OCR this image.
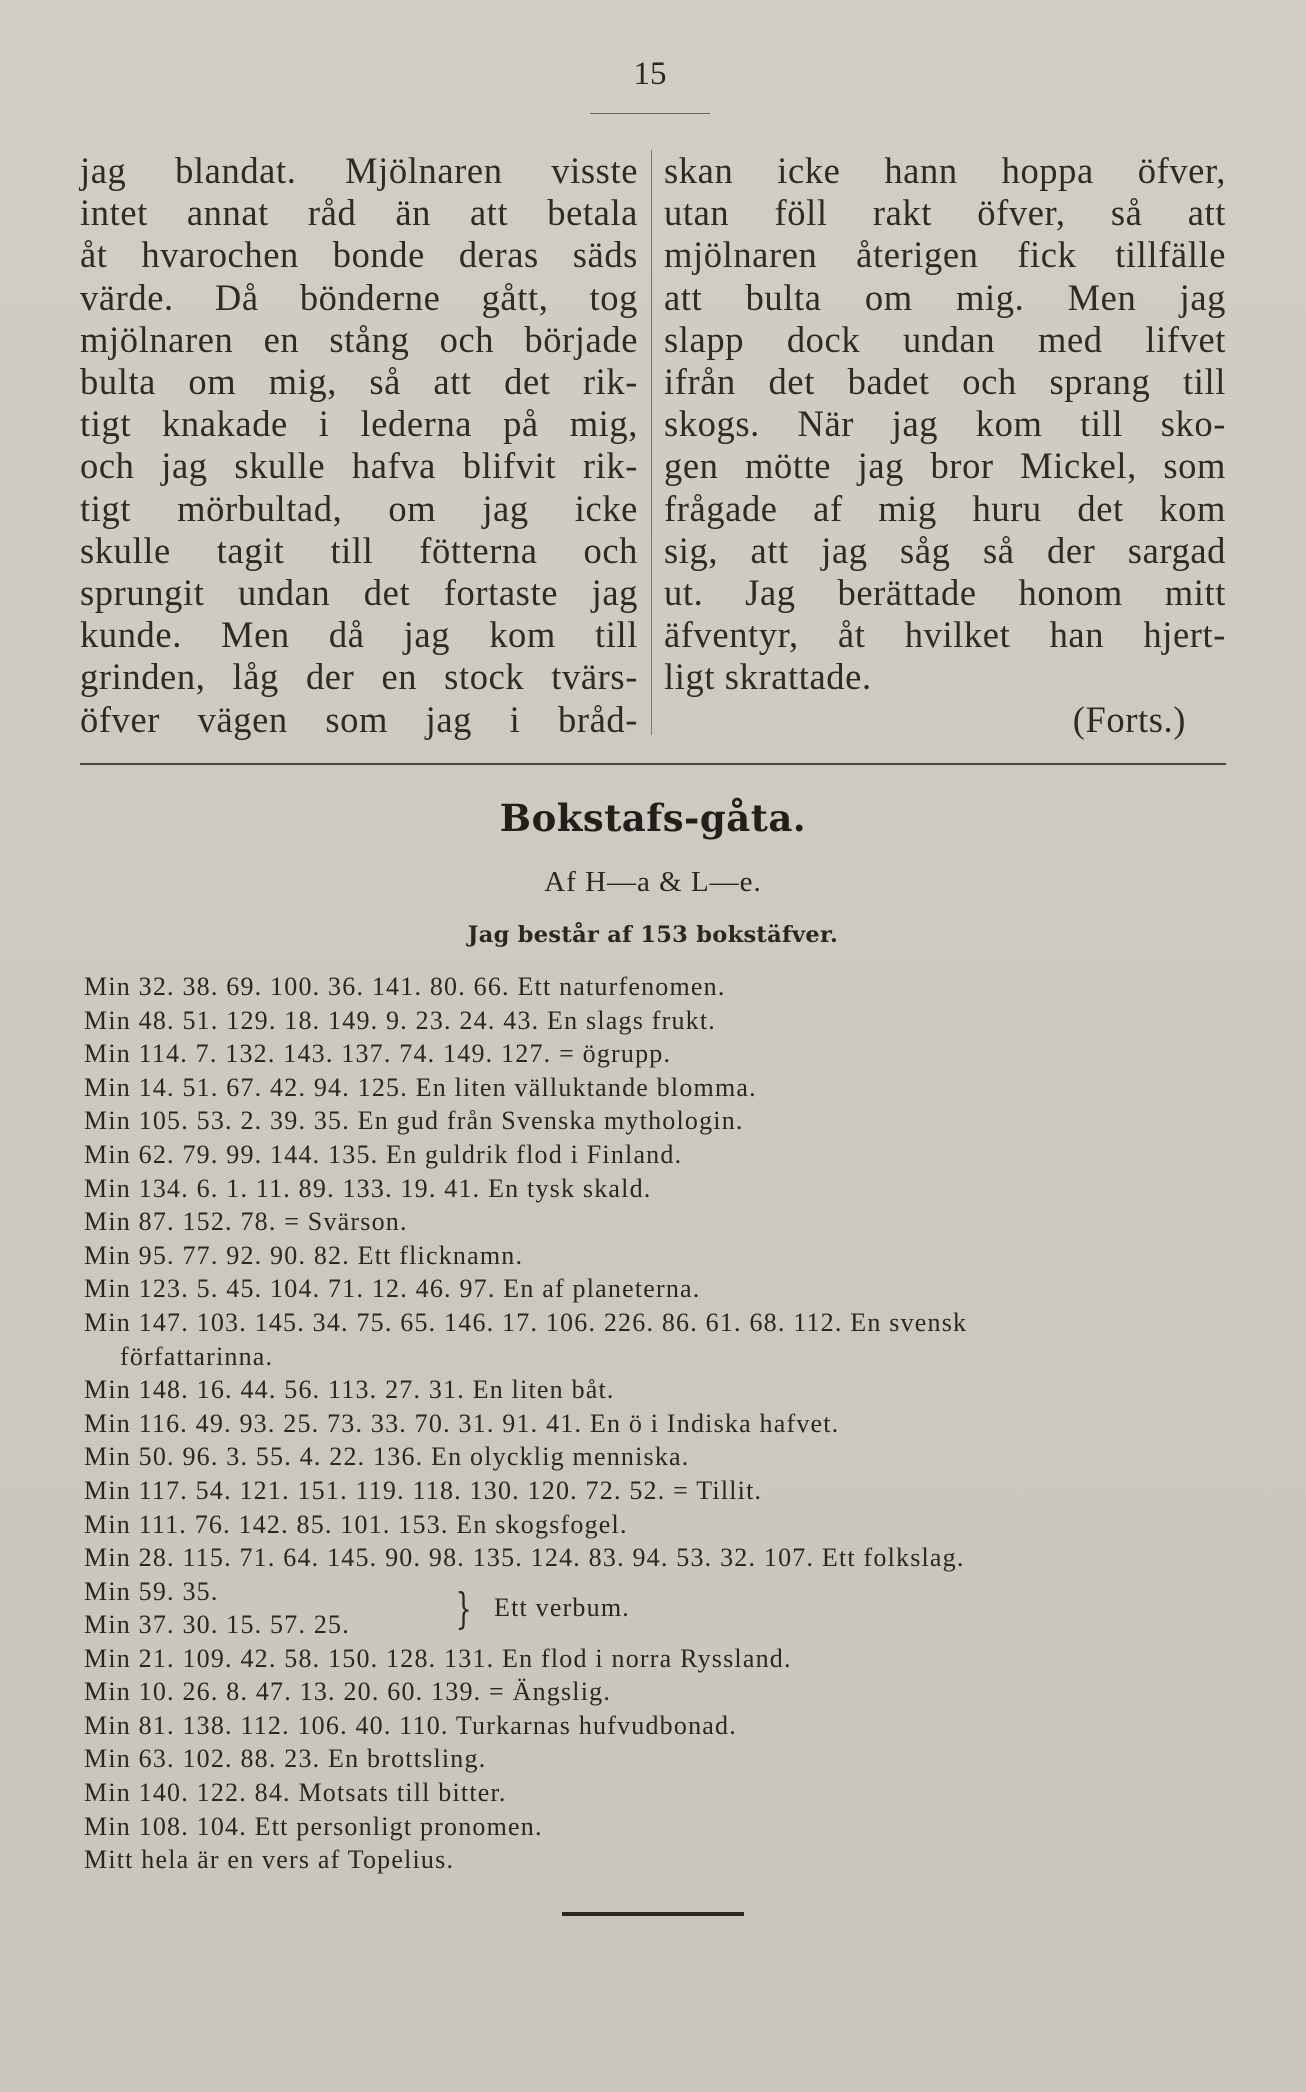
15
jag blandat. Mjölnaren visste
intet annat råd än att betala
åt hvarochen bonde deras säds
värde. Då bönderne gått, tog
mjölnaren en stång och började
bulta om mig, så att det rik-
tigt knakade i lederna på mig,
och jag skulle hafva blifvit rik-
tigt mörbultad, om jag icke
skulle tagit till fötterna och
sprungit undan det fortaste jag
kunde. Men då jag kom till
grinden, låg der en stock tvärs-
öfver vägen som jag i bråd-
skan icke hann hoppa öfver,
utan föll rakt öfver, så att
mjölnaren återigen fick tillfälle
att bulta om mig. Men jag
slapp dock undan med lifvet
ifrån det badet och sprang till
skogs. När jag kom till sko-
gen mötte jag bror Mickel, som
frågade af mig huru det kom
sig, att jag såg så der sargad
ut. Jag berättade honom mitt
äfventyr, åt hvilket han hjert-
ligt skrattade.
(Forts.)
Bokstafs-gåta.
Af H—a & L—e.
Jag består af 153 bokstäfver.
Min 32. 38. 69. 100. 36. 141. 80. 66. Ett naturfenomen.
Min 48. 51. 129. 18. 149. 9. 23. 24. 43. En slags frukt.
Min 114. 7. 132. 143. 137. 74. 149. 127. = ögrupp.
Min 14. 51. 67. 42. 94. 125. En liten välluktande blomma.
Min 105. 53. 2. 39. 35. En gud från Svenska mythologin.
Min 62. 79. 99. 144. 135. En guldrik flod i Finland.
Min 134. 6. 1. 11. 89. 133. 19. 41. En tysk skald.
Min 87. 152. 78. = Svärson.
Min 95. 77. 92. 90. 82. Ett flicknamn.
Min 123. 5. 45. 104. 71. 12. 46. 97. En af planeterna.
Min 147. 103. 145. 34. 75. 65. 146. 17. 106. 226. 86. 61. 68. 112. En svensk
författarinna.
Min 148. 16. 44. 56. 113. 27. 31. En liten båt.
Min 116. 49. 93. 25. 73. 33. 70. 31. 91. 41. En ö i Indiska hafvet.
Min 50. 96. 3. 55. 4. 22. 136. En olycklig menniska.
Min 117. 54. 121. 151. 119. 118. 130. 120. 72. 52. = Tillit.
Min 111. 76. 142. 85. 101. 153. En skogsfogel.
Min 28. 115. 71. 64. 145. 90. 98. 135. 124. 83. 94. 53. 32. 107. Ett folkslag.
Min 59. 35.
Min 37. 30. 15. 57. 25.	} Ett verbum.
Min 21. 109. 42. 58. 150. 128. 131. En flod i norra Ryssland.
Min 10. 26. 8. 47. 13. 20. 60. 139. = Ängslig.
Min 81. 138. 112. 106. 40. 110. Turkarnas hufvudbonad.
Min 63. 102. 88. 23. En brottsling.
Min 140. 122. 84. Motsats till bitter.
Min 108. 104. Ett personligt pronomen.
Mitt hela är en vers af Topelius.
